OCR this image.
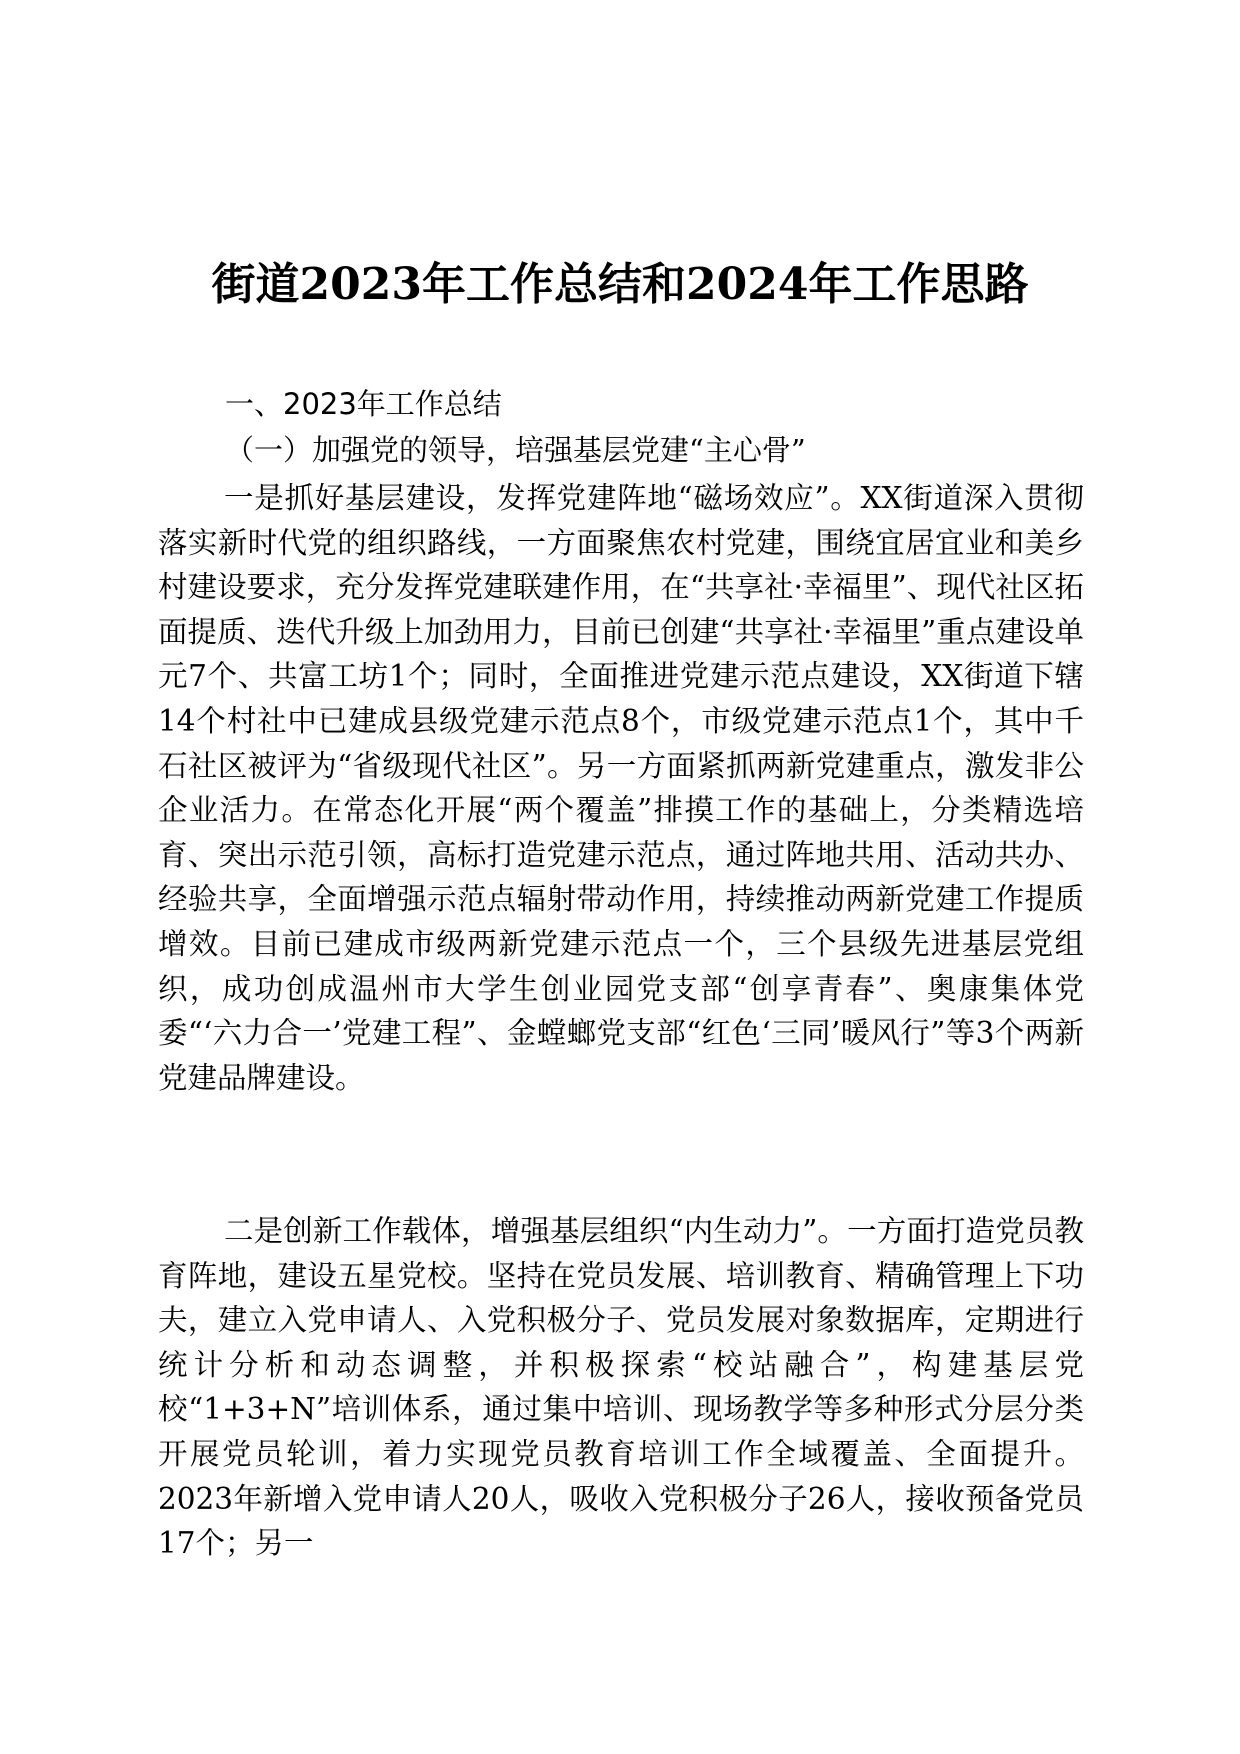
街道2023年工作总结和2024年工作思路
一、2023年工作总结
（一）加强党的领导，培强基层党建“主心骨”

一是抓好基层建设，发挥党建阵地“磁场效应”。XX街道深入贯彻落实新时代党的组织路线，一方面聚焦农村党建，围绕宜居宜业和美乡村建设要求，充分发挥党建联建作用，在“共享社·幸福里”、现代社区拓面提质、迭代升级上加劲用力，目前已创建“共享社·幸福里”重点建设单元7个、共富工坊1个；同时，全面推进党建示范点建设，XX街道下辖14个村社中已建成县级党建示范点8个，市级党建示范点1个，其中千石社区被评为“省级现代社区”。另一方面紧抓两新党建重点，激发非公企业活力。在常态化开展“两个覆盖”排摸工作的基础上，分类精选培育、突出示范引领，高标打造党建示范点，通过阵地共用、活动共办、经验共享，全面增强示范点辐射带动作用，持续推动两新党建工作提质增效。目前已建成市级两新党建示范点一个，三个县级先进基层党组织，成功创成温州市大学生创业园党支部“创享青春”、奥康集体党委“‘六力合一’党建工程”、金螳螂党支部“红色‘三同’暖风行”等3个两新党建品牌建设。

二是创新工作载体，增强基层组织“内生动力”。一方面打造党员教育阵地，建设五星党校。坚持在党员发展、培训教育、精确管理上下功夫，建立入党申请人、入党积极分子、党员发展对象数据库，定期进行统计分析和动态调整，并积极探索“校站融合”，构建基层党校“1+3+N”培训体系，通过集中培训、现场教学等多种形式分层分类开展党员轮训，着力实现党员教育培训工作全域覆盖、全面提升。2023年新增入党申请人20人，吸收入党积极分子26人，接收预备党员17个；另一
